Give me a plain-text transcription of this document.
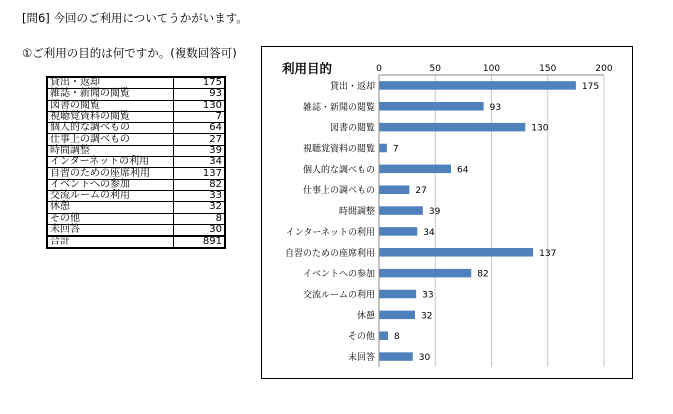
[問6] 今回のご利用についてうかがいます。
①ご利用の目的は何ですか。(複数回答可)
貸出・返却	175
雑誌・新聞の閲覧	93
図書の閲覧	130
視聴覚資料の閲覧	7
個人的な調べもの	64
仕事上の調べもの	27
時間調整	39
インターネットの利用	34
自習のための座席利用	137
イベントへの参加	82
交流ルームの利用	33
休憩	32
その他	8
未回答	30
合計	891
利用目的	0	50	100	150	200
貸出・返却	175
雑誌・新聞の閲覧	93
図書の閲覧	130
視聴覚資料の閲覧 7
個人的な調べもの	64
仕事上の調べもの	27
時間調整	39
インターネットの利用	34
自習のための座席利用	137
イベントへの参加	82
交流ルームの利用	33
休憩	32
その他 8
未回答	30
